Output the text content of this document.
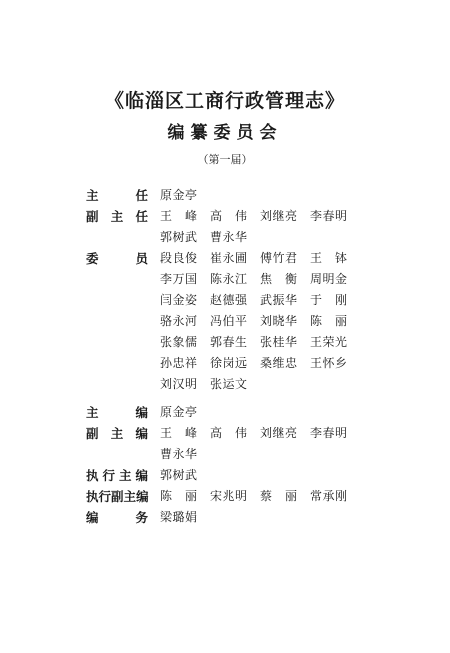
《临淄区工商行政管理志》
编纂委员会
（第一届）
主	任 原金亭
副 主 任 王　峰	高　伟	刘继亮	李春明
郭树武	曹永华
委	员 段良俊	崔永圃	傅竹君	王　钵
李万国	陈永江	焦　衡	周明金
闫金姿	赵德强	武振华	于　刚
骆永河	冯伯平	刘晓华	陈　丽
张象儒	郭春生	张桂华	王荣光
孙忠祥	徐岗远	桑维忠	王怀乡
刘汉明	张运文
主	编 原金亭
副 主 编 王　峰	高　伟	刘继亮	李春明
曹永华
执 行 主 编 郭树武
执 行 副 主 编 陈　丽	宋兆明	蔡　丽	常承刚
编	务 梁璐娟
